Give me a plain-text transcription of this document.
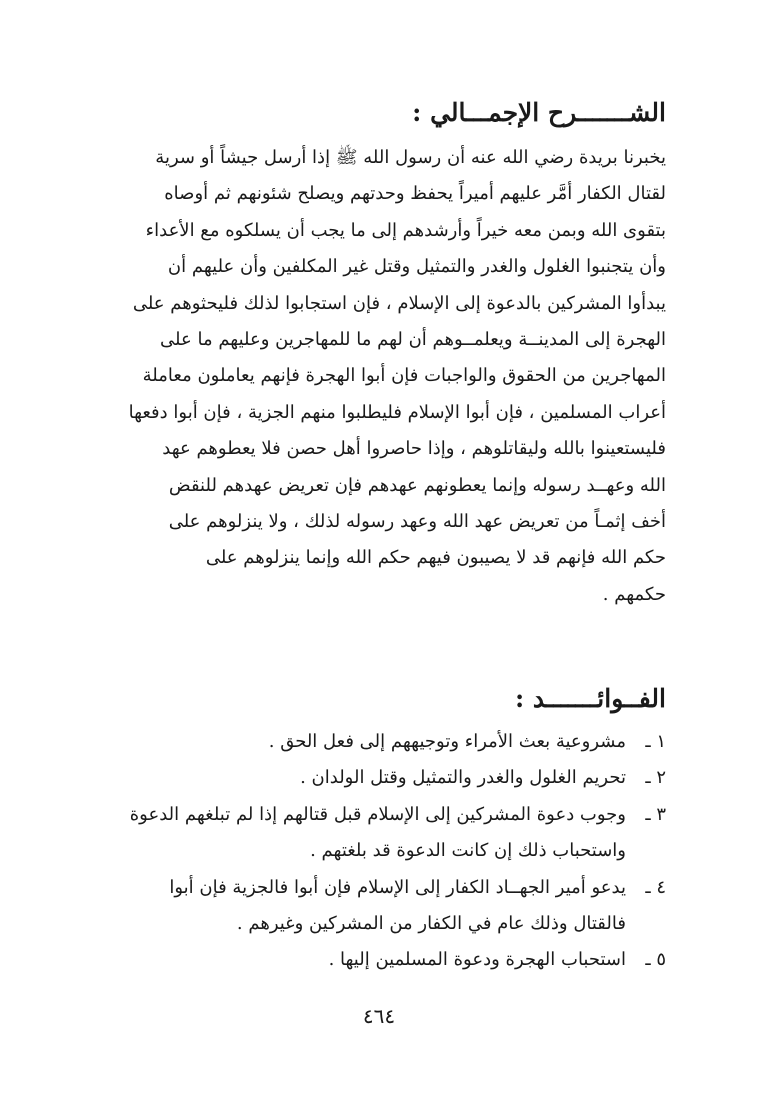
الشـــــــرح الإجمـــالي :
يخبرنا بريدة رضي الله عنه أن رسول الله ﷺ إذا أرسل جيشاً أو سرية
لقتال الكفار أمَّر عليهم أميراً يحفظ وحدتهم ويصلح شئونهم ثم أوصاه
بتقوى الله وبمن معه خيراً وأرشدهم إلى ما يجب أن يسلكوه مع الأعداء
وأن يتجنبوا الغلول والغدر والتمثيل وقتل غير المكلفين وأن عليهم أن
يبدأوا المشركين بالدعوة إلى الإسلام ، فإن استجابوا لذلك فليحثوهم على
الهجرة إلى المدينــة ويعلمــوهم أن لهم ما للمهاجرين وعليهم ما على
المهاجرين من الحقوق والواجبات فإن أبوا الهجرة فإنهم يعاملون معاملة
أعراب المسلمين ، فإن أبوا الإسلام فليطلبوا منهم الجزية ، فإن أبوا دفعها
فليستعينوا بالله وليقاتلوهم ، وإذا حاصروا أهل حصن فلا يعطوهم عهد
الله وعهــد رسوله وإنما يعطونهم عهدهم فإن تعريض عهدهم للنقض
أخف إثمـاً من تعريض عهد الله وعهد رسوله لذلك ، ولا ينزلوهم على
حكم الله فإنهم قد لا يصيبون فيهم حكم الله وإنما ينزلوهم على
حكمهم .
الفــوائـــــــد :
١ ـ
مشروعية بعث الأمراء وتوجيههم إلى فعل الحق .
٢ ـ
تحريم الغلول والغدر والتمثيل وقتل الولدان .
٣ ـ
وجوب دعوة المشركين إلى الإسلام قبل قتالهم إذا لم تبلغهم الدعوة
واستحباب ذلك إن كانت الدعوة قد بلغتهم .
٤ ـ
يدعو أمير الجهــاد الكفار إلى الإسلام فإن أبوا فالجزية فإن أبوا
فالقتال وذلك عام في الكفار من المشركين وغيرهم .
٥ ـ
استحباب الهجرة ودعوة المسلمين إليها .
٤٦٤
